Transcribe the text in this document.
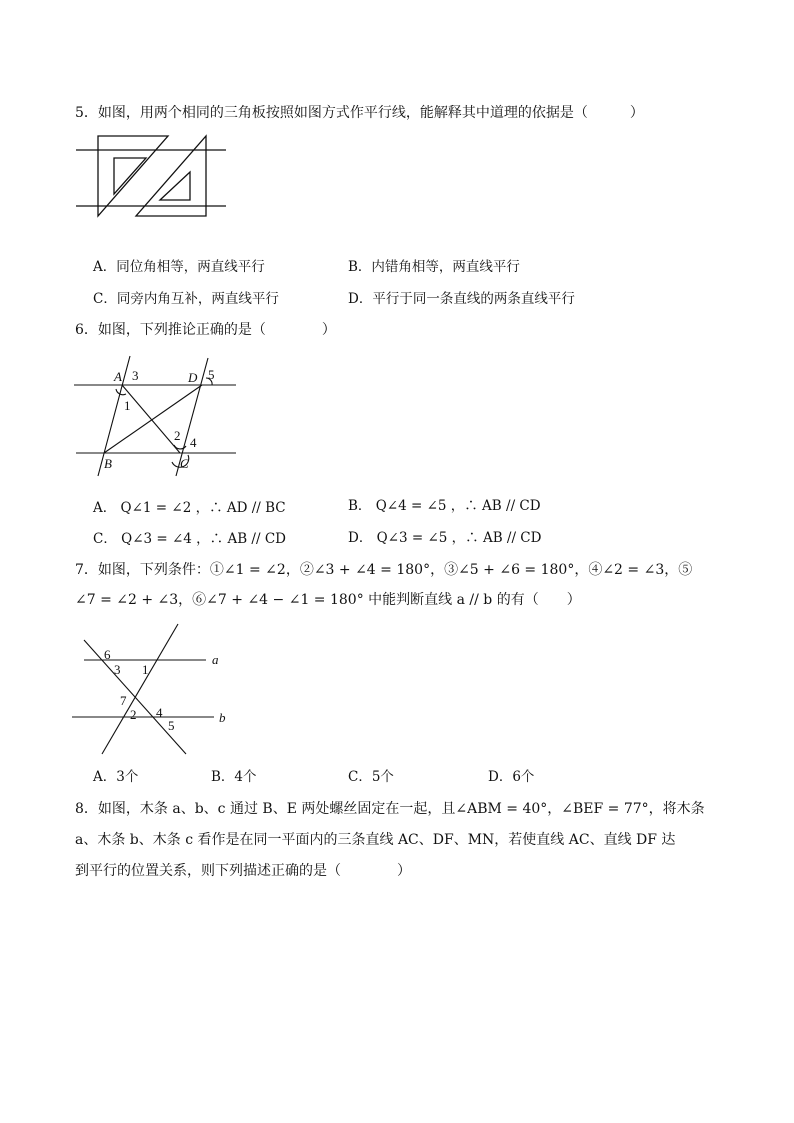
5．如图，用两个相同的三角板按照如图方式作平行线，能解释其中道理的依据是（　　　）
A．同位角相等，两直线平行	B．内错角相等，两直线平行
C．同旁内角互补，两直线平行	D．平行于同一条直线的两条直线平行
6．如图，下列推论正确的是（　　　　）
A 3	D 5
1
2 4
B	C
A． Q∠1 = ∠2 ，∴ AD // BC	B． Q∠4 = ∠5 ，∴ AB // CD
C． Q∠3 = ∠4 ，∴ AB // CD	D． Q∠3 = ∠5 ，∴ AB // CD
7．如图，下列条件：①∠1 = ∠2，②∠3 + ∠4 = 180°，③∠5 + ∠6 = 180°，④∠2 = ∠3，⑤
∠7 = ∠2 + ∠3，⑥∠7 + ∠4 − ∠1 = 180° 中能判断直线 a // b 的有（　　）
6
3 1
7
2 4
5
a
b
A．3个	B．4个	C．5个	D．6个
8．如图，木条 a、b、c 通过 B、E 两处螺丝固定在一起，且∠ABM = 40°，∠BEF = 77°，将木条
a、木条 b、木条 c 看作是在同一平面内的三条直线 AC、DF、MN，若使直线 AC、直线 DF 达
到平行的位置关系，则下列描述正确的是（　　　　）
